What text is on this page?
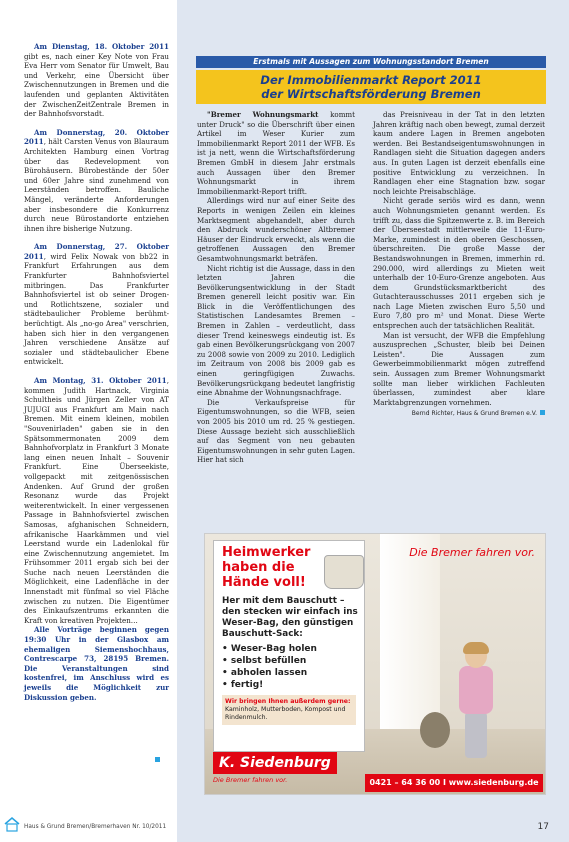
Am Dienstag, 18. Oktober 2011 gibt es, nach einer Key Note von Frau Eva Herr vom Senator für Umwelt, Bau und Verkehr, eine Übersicht über Zwischennutzungen in Bremen und die laufenden und geplanten Aktivitäten der ZwischenZeitZentrale Bremen in der Bahnhofsvorstadt.

Am Donnerstag, 20. Oktober 2011, hält Carsten Venus von Blauraum Architekten Hamburg einen Vortrag über das Redevelopment von Bürohäusern. Bürobestände der 50er und 60er Jahre sind zunehmend von Leerständen betroffen. Bauliche Mängel, veränderte Anforderungen aber insbesondere die Konkurrenz durch neue Bürostandorte entziehen ihnen ihre bisherige Nutzung.

Am Donnerstag, 27. Oktober 2011, wird Felix Nowak von bb22 in Frankfurt Erfahrungen aus dem Frankfurter Bahnhofsviertel mitbringen. Das Frankfurter Bahnhofsviertel ist ob seiner Drogen- und Rotlichtszene, sozialer und städtebaulicher Probleme berühmt-berüchtigt. Als „no-go Area" verschrien, haben sich hier in den vergangenen Jahren verschiedene Ansätze auf sozialer und städtebaulicher Ebene entwickelt.

Am Montag, 31. Oktober 2011, kommen Judith Hartnack, Virginia Schultheis und Jürgen Zeller von AT JUJUGI aus Frankfurt am Main nach Bremen. Mit einem kleinen, mobilen "Souvenirladen" gaben sie in den Spätsommermonaten 2009 dem Bahnhofvorplatz in Frankfurt 3 Monate lang einen neuen Inhalt – Souvenir Frankfurt. Eine Überseekiste, vollgepackt mit zeitgenössischen Andenken. Auf Grund der großen Resonanz wurde das Projekt weiterentwickelt. In einer vergessenen Passage in Bahnhofsviertel zwischen Samosas, afghanischen Schneidern, afrikanische Haarkämmen und viel Leerstand wurde ein Ladenlokal für eine Zwischennutzung angemietet. Im Frühsommer 2011 ergab sich bei der Suche nach neuen Leerständen die Möglichkeit, eine Ladenfläche in der Innenstadt mit fünfmal so viel Fläche zwischen zu nutzen. Die Eigentümer des Einkaufszentrums erkannten die Kraft von kreativen Projekten…

Alle Vorträge beginnen gegen 19:30 Uhr in der Glasbox am ehemaligen Siemenshochhaus, Contrescarpe 73, 28195 Bremen. Die Veranstaltungen sind kostenfrei, im Anschluss wird es jeweils die Möglichkeit zur Diskussion geben.

Erstmals mit Aussagen zum Wohnungsstandort Bremen
Der Immobilienmarkt Report 2011
der Wirtschaftsförderung Bremen

"Bremer Wohnungsmarkt kommt unter Druck" so die Überschrift über einen Artikel im Weser Kurier zum Immobilienmarkt Report 2011 der WFB. Es ist ja nett, wenn die Wirtschaftsförderung Bremen GmbH in diesem Jahr erstmals auch Aussagen über den Bremer Wohnungsmarkt in ihrem Immobilienmarkt-Report trifft.

Allerdings wird nur auf einer Seite des Reports in wenigen Zeilen ein kleines Marktsegment abgehandelt, aber durch den Abdruck wunderschöner Altbremer Häuser der Eindruck erweckt, als wenn die getroffenen Aussagen den Bremer Gesamtwohnungsmarkt beträfen.

Nicht richtig ist die Aussage, dass in den letzten Jahren die Bevölkerungsentwicklung in der Stadt Bremen generell leicht positiv war. Ein Blick in die Veröffentlichungen des Statistischen Landesamtes Bremen – Bremen in Zahlen – verdeutlicht, dass dieser Trend keineswegs eindeutig ist. Es gab einen Bevölkerungsrückgang von 2007 zu 2008 sowie von 2009 zu 2010. Lediglich im Zeitraum von 2008 bis 2009 gab es einen geringfügigen Zuwachs. Bevölkerungsrückgang bedeutet langfristig eine Abnahme der Wohnungsnachfrage.

Die Verkaufspreise für Eigentumswohnungen, so die WFB, seien von 2005 bis 2010 um rd. 25 % gestiegen. Diese Aussage bezieht sich ausschließlich auf das Segment von neu gebauten Eigentumswohnungen in sehr guten Lagen. Hier hat sich

das Preisniveau in der Tat in den letzten Jahren kräftig nach oben bewegt, zumal derzeit kaum andere Lagen in Bremen angeboten werden. Bei Bestandseigentumswohnungen in Randlagen sieht die Situation dagegen anders aus. In guten Lagen ist derzeit ebenfalls eine positive Entwicklung zu verzeichnen. In Randlagen eher eine Stagnation bzw. sogar noch leichte Preisabschläge.

Nicht gerade seriös wird es dann, wenn auch Wohnungsmieten genannt werden. Es trifft zu, dass die Spitzenwerte z. B. im Bereich der Überseestadt mittlerweile die 11-Euro-Marke, zumindest in den oberen Geschossen, überschreiten. Die große Masse der Bestandswohnungen in Bremen, immerhin rd. 290.000, wird allerdings zu Mieten weit unterhalb der 10-Euro-Grenze angeboten. Aus dem Grundstücksmarktbericht des Gutachterausschusses 2011 ergeben sich je nach Lage Mieten zwischen Euro 5,50 und Euro 7,80 pro m² und Monat. Diese Werte entsprechen auch der tatsächlichen Realität.

Man ist versucht, der WFB die Empfehlung auszusprechen „Schuster, bleib bei Deinen Leisten". Die Aussagen zum Gewerbeimmobilienmarkt mögen zutreffend sein. Aussagen zum Bremer Wohnungsmarkt sollte man lieber wirklichen Fachleuten überlassen, zumindest aber klare Marktabgrenzungen vornehmen.

Bernd Richter, Haus & Grund Bremen e.V.
Die Bremer fahren vor.
Heimwerker
haben die
Hände voll!
Her mit dem Bauschutt – den stecken wir einfach ins Weser-Bag, den günstigen Bauschutt-Sack:
• Weser-Bag holen
• selbst befüllen
• abholen lassen
• fertig!
Wir bringen Ihnen außerdem gerne:
Kaminholz, Mutterboden, Kompost und Rindenmulch.
K. Siedenburg
Die Bremer fahren vor.	0421 – 64 36 00 I www.siedenburg.de
Haus & Grund Bremen/Bremerhaven Nr. 10/2011	17
